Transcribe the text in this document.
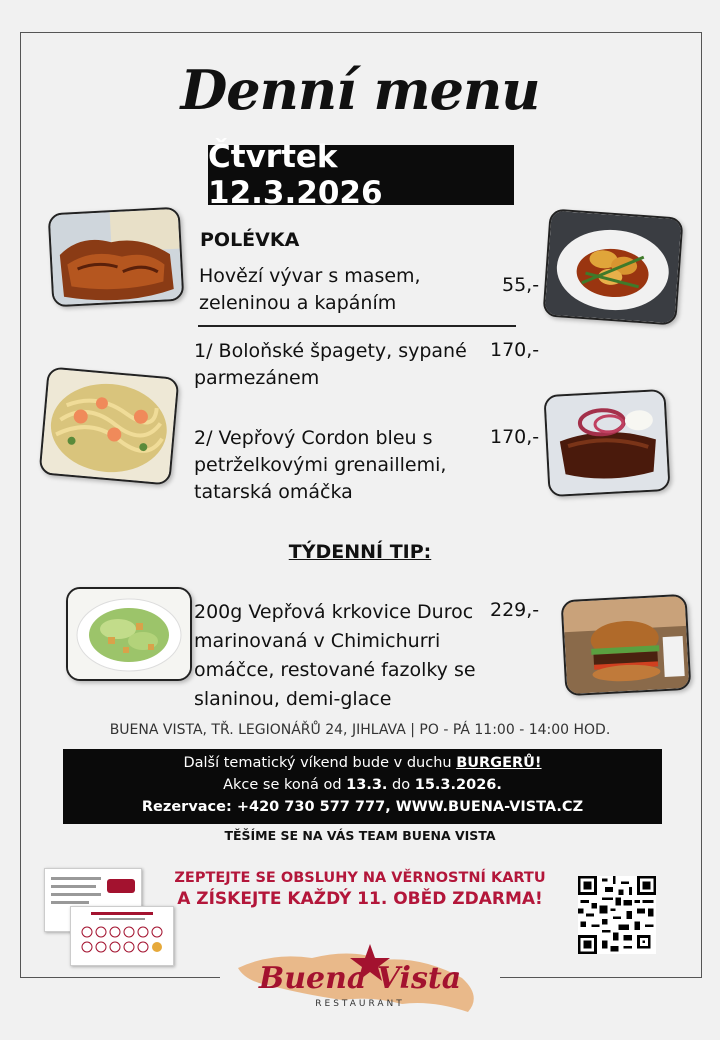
Denní menu
Čtvrtek 12.3.2026
POLÉVKA
Hovězí vývar s masem,
zeleninou a kapáním
55,-
1/ Boloňské špagety, sypané
parmezánem
170,-
2/ Vepřový Cordon bleu s
petrželkovými grenaillemi,
tatarská omáčka
170,-
TÝDENNÍ TIP:
200g Vepřová krkovice Duroc
marinovaná v Chimichurri
omáčce, restované fazolky se
slaninou, demi-glace
229,-
BUENA VISTA, TŘ. LEGIONÁŘŮ 24, JIHLAVA | PO - PÁ 11:00 - 14:00 HOD.
Další tematický víkend bude v duchu BURGERŮ!
Akce se koná od 13.3. do 15.3.2026.
Rezervace: +420 730 577 777, WWW.BUENA-VISTA.CZ
TĚŠÍME SE NA VÁS TEAM BUENA VISTA
ZEPTEJTE SE OBSLUHY NA VĚRNOSTNÍ KARTU
A ZÍSKEJTE KAŽDÝ 11. OBĚD ZDARMA!
Buena Vista
RESTAURANT
